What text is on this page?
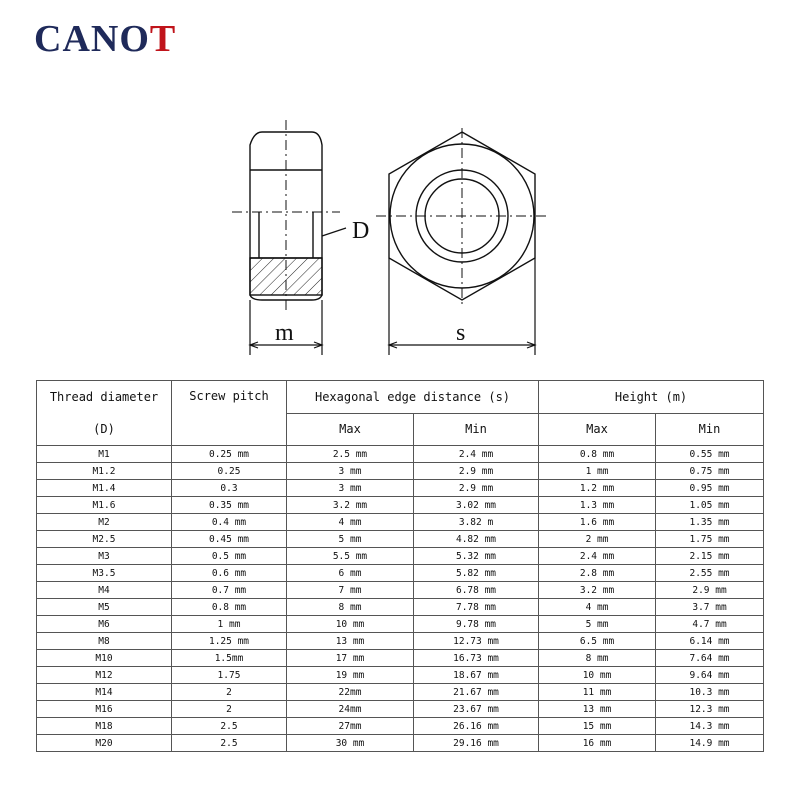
CANOT
D
m	s
Thread diameter	Screw pitch	Hexagonal edge distance (s)		Height (m)	
(D)		Max	Min	Max	Min
M1	0.25 mm	2.5 mm	2.4 mm	0.8 mm	0.55 mm
M1.2	0.25	3 mm	2.9 mm	1 mm	0.75 mm
M1.4	0.3	3 mm	2.9 mm	1.2 mm	0.95 mm
M1.6	0.35 mm	3.2 mm	3.02 mm	1.3 mm	1.05 mm
M2	0.4 mm	4 mm	3.82 m	1.6 mm	1.35 mm
M2.5	0.45 mm	5 mm	4.82 mm	2 mm	1.75 mm
M3	0.5 mm	5.5 mm	5.32 mm	2.4 mm	2.15 mm
M3.5	0.6 mm	6 mm	5.82 mm	2.8 mm	2.55 mm
M4	0.7 mm	7 mm	6.78 mm	3.2 mm	2.9 mm
M5	0.8 mm	8 mm	7.78 mm	4 mm	3.7 mm
M6	1 mm	10 mm	9.78 mm	5 mm	4.7 mm
M8	1.25 mm	13 mm	12.73 mm	6.5 mm	6.14 mm
M10	1.5mm	17 mm	16.73 mm	8 mm	7.64 mm
M12	1.75	19 mm	18.67 mm	10 mm	9.64 mm
M14	2	22mm	21.67 mm	11 mm	10.3 mm
M16	2	24mm	23.67 mm	13 mm	12.3 mm
M18	2.5	27mm	26.16 mm	15 mm	14.3 mm
M20	2.5	30 mm	29.16 mm	16 mm	14.9 mm
